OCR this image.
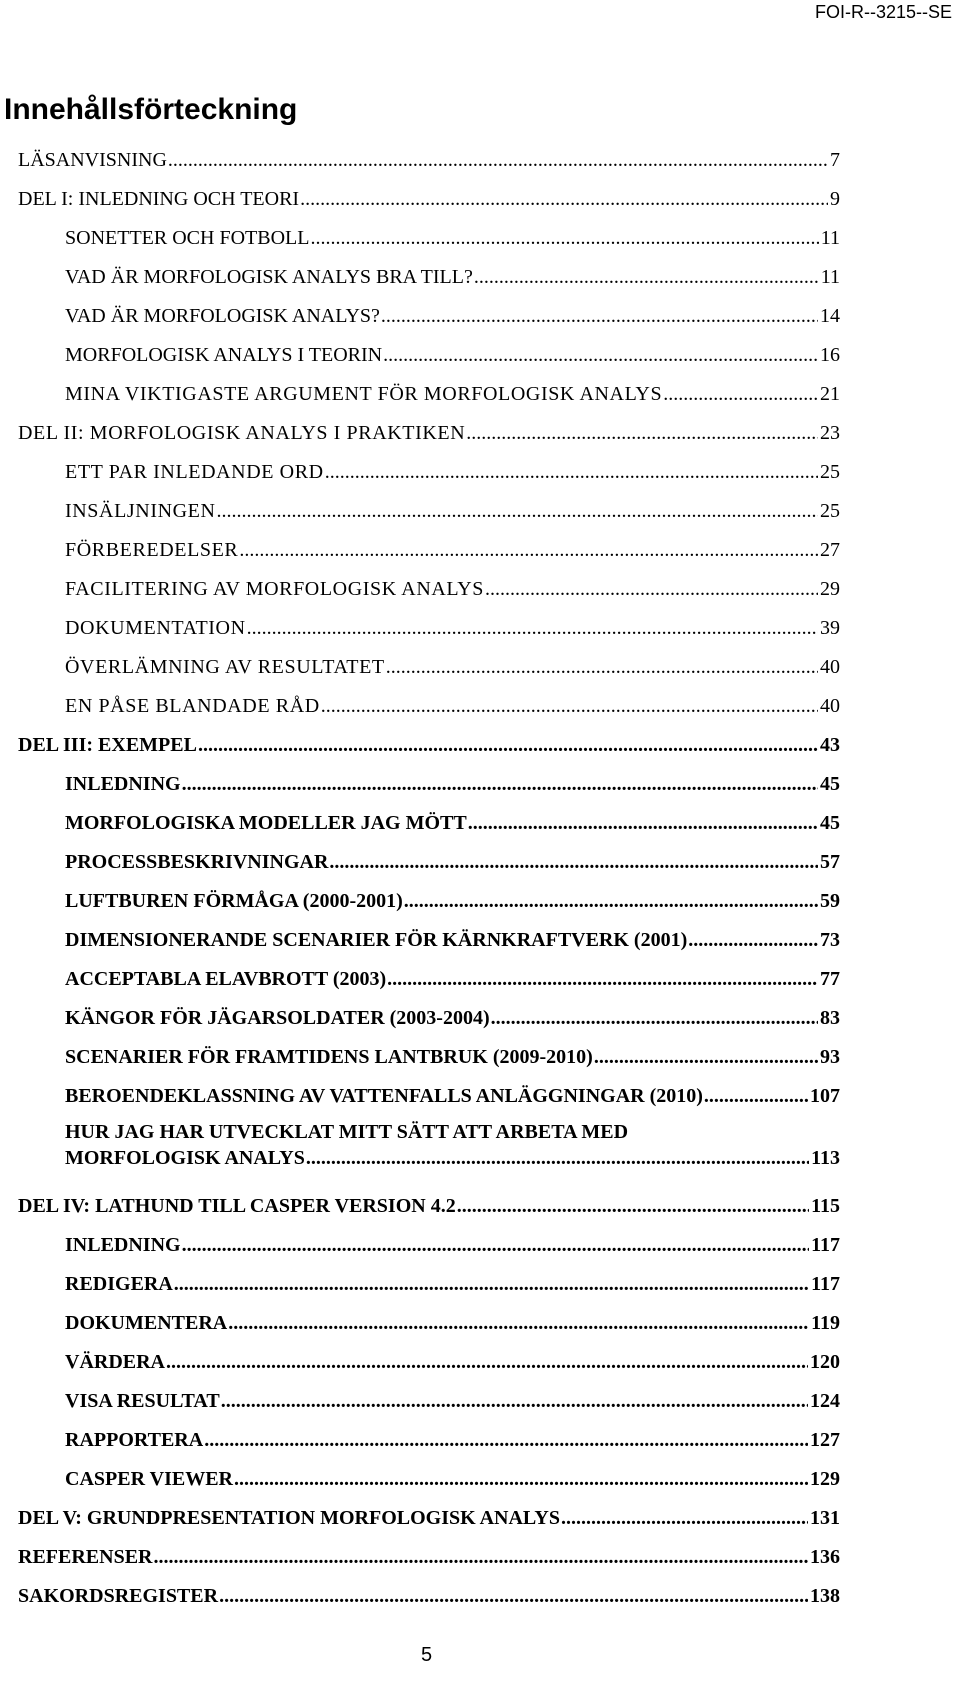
FOI-R--3215--SE
Innehållsförteckning
LÄSANVISNING .....	7
DEL I: INLEDNING OCH TEORI .....	9
SONETTER OCH FOTBOLL .....	11
VAD ÄR MORFOLOGISK ANALYS BRA TILL? .....	11
VAD ÄR MORFOLOGISK ANALYS? .....	14
MORFOLOGISK ANALYS I TEORIN .....	16
MINA VIKTIGASTE ARGUMENT FÖR MORFOLOGISK ANALYS .....	21
DEL II: MORFOLOGISK ANALYS I PRAKTIKEN .....	23
ETT PAR INLEDANDE ORD .....	25
INSÄLJNINGEN .....	25
FÖRBEREDELSER .....	27
FACILITERING AV MORFOLOGISK ANALYS .....	29
DOKUMENTATION .....	39
ÖVERLÄMNING AV RESULTATET .....	40
EN PÅSE BLANDADE RÅD .....	40
DEL III: EXEMPEL .....	43
INLEDNING .....	45
MORFOLOGISKA MODELLER JAG MÖTT .....	45
PROCESSBESKRIVNINGAR .....	57
LUFTBUREN FÖRMÅGA (2000-2001) .....	59
DIMENSIONERANDE SCENARIER FÖR KÄRNKRAFTVERK (2001) .....	73
ACCEPTABLA ELAVBROTT (2003) .....	77
KÄNGOR FÖR JÄGARSOLDATER (2003-2004) .....	83
SCENARIER FÖR FRAMTIDENS LANTBRUK (2009-2010) .....	93
BEROENDEKLASSNING AV VATTENFALLS ANLÄGGNINGAR (2010) .....	107
HUR JAG HAR UTVECKLAT MITT SÄTT ATT ARBETA MED
MORFOLOGISK ANALYS .....	113
DEL IV: LATHUND TILL CASPER VERSION 4.2 .....	115
INLEDNING .....	117
REDIGERA .....	117
DOKUMENTERA .....	119
VÄRDERA .....	120
VISA RESULTAT .....	124
RAPPORTERA .....	127
CASPER VIEWER .....	129
DEL V: GRUNDPRESENTATION MORFOLOGISK ANALYS .....	131
REFERENSER .....	136
SAKORDSREGISTER .....	138
5
